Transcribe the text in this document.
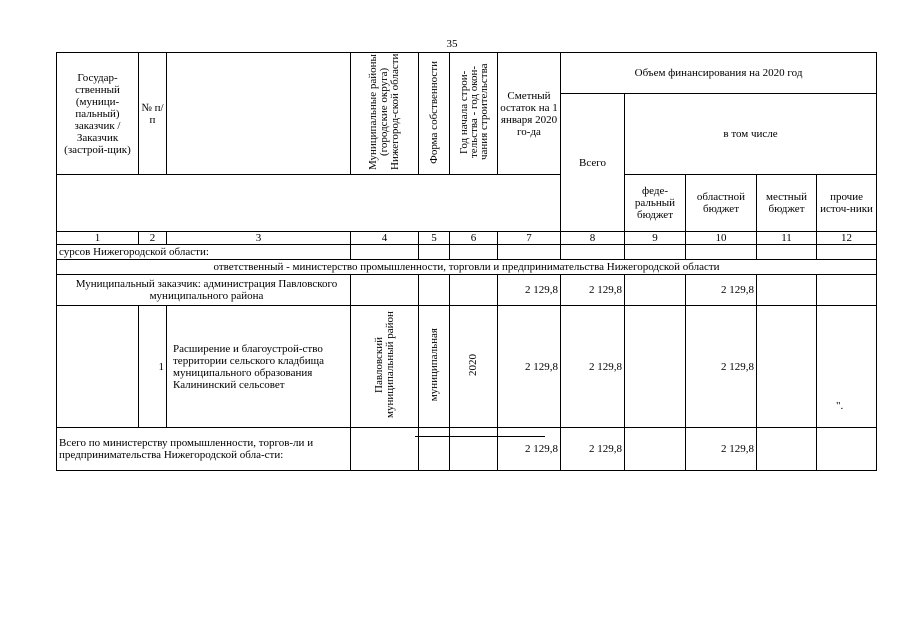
35
Государ-ственный (муници-пальный) заказчик / Заказчик (застрой-щик)	№ п/п		Муниципальные районы (городские округа) Нижегород-ской области	Форма собственности	Год начала строи-тельства - год окон-чания строительства	Сметный остаток на 1 января 2020 го-да	Объем финансирования на 2020 год				
							Всего	в том числе			
								феде-ральный бюджет	областной бюджет	местный бюджет	прочие источ-ники
1	2	3	4	5	6	7	8	9	10	11	12
сурсов Нижегородской области:											
ответственный - министерство промышленности, торговли и предпринимательства Нижегородской области											
Муниципальный заказчик: администрация Павловского муниципального района						2 129,8	2 129,8		2 129,8		
	1	Расширение и благоустрой-ство территории сельского кладбища муниципального образования Калининский сельсовет	Павловский муниципальный район	муниципальная	2020	2 129,8	2 129,8		2 129,8		
Всего по министерству промышленности, торгов-ли и предпринимательства Нижегородской обла-сти:						2 129,8	2 129,8		2 129,8		
".
